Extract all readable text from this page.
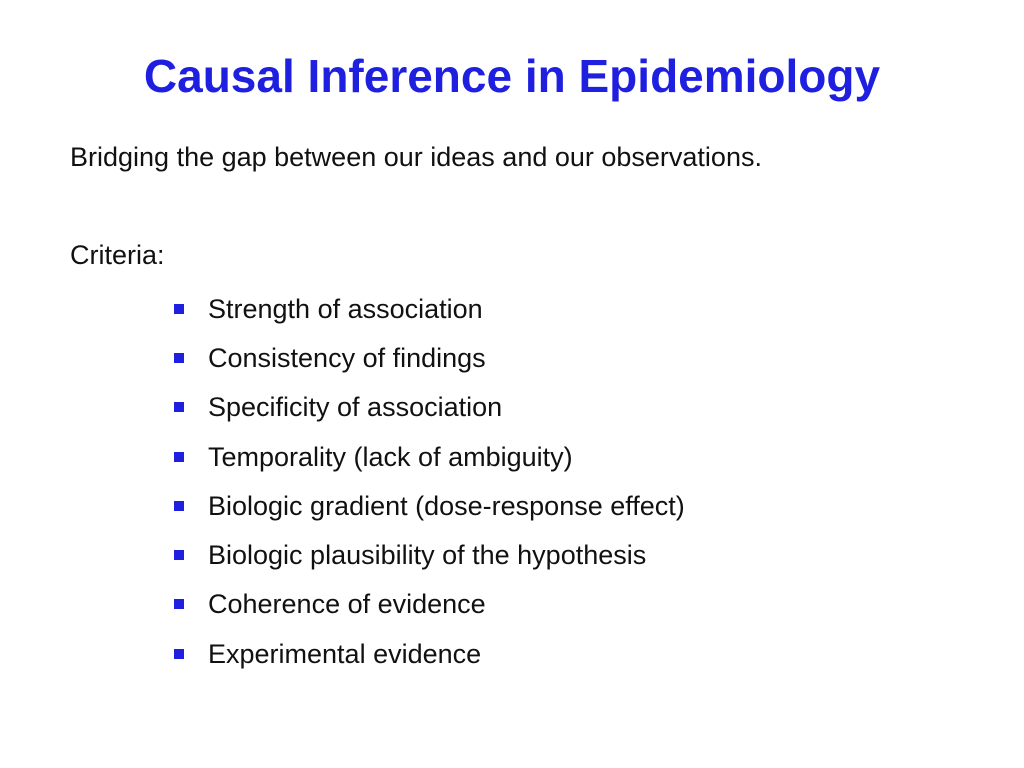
Causal Inference in Epidemiology

Bridging the gap between our ideas and our observations.

Criteria:

Strength of association
Consistency of findings
Specificity of association
Temporality (lack of ambiguity)
Biologic gradient (dose-response effect)
Biologic plausibility of the hypothesis
Coherence of evidence
Experimental evidence
